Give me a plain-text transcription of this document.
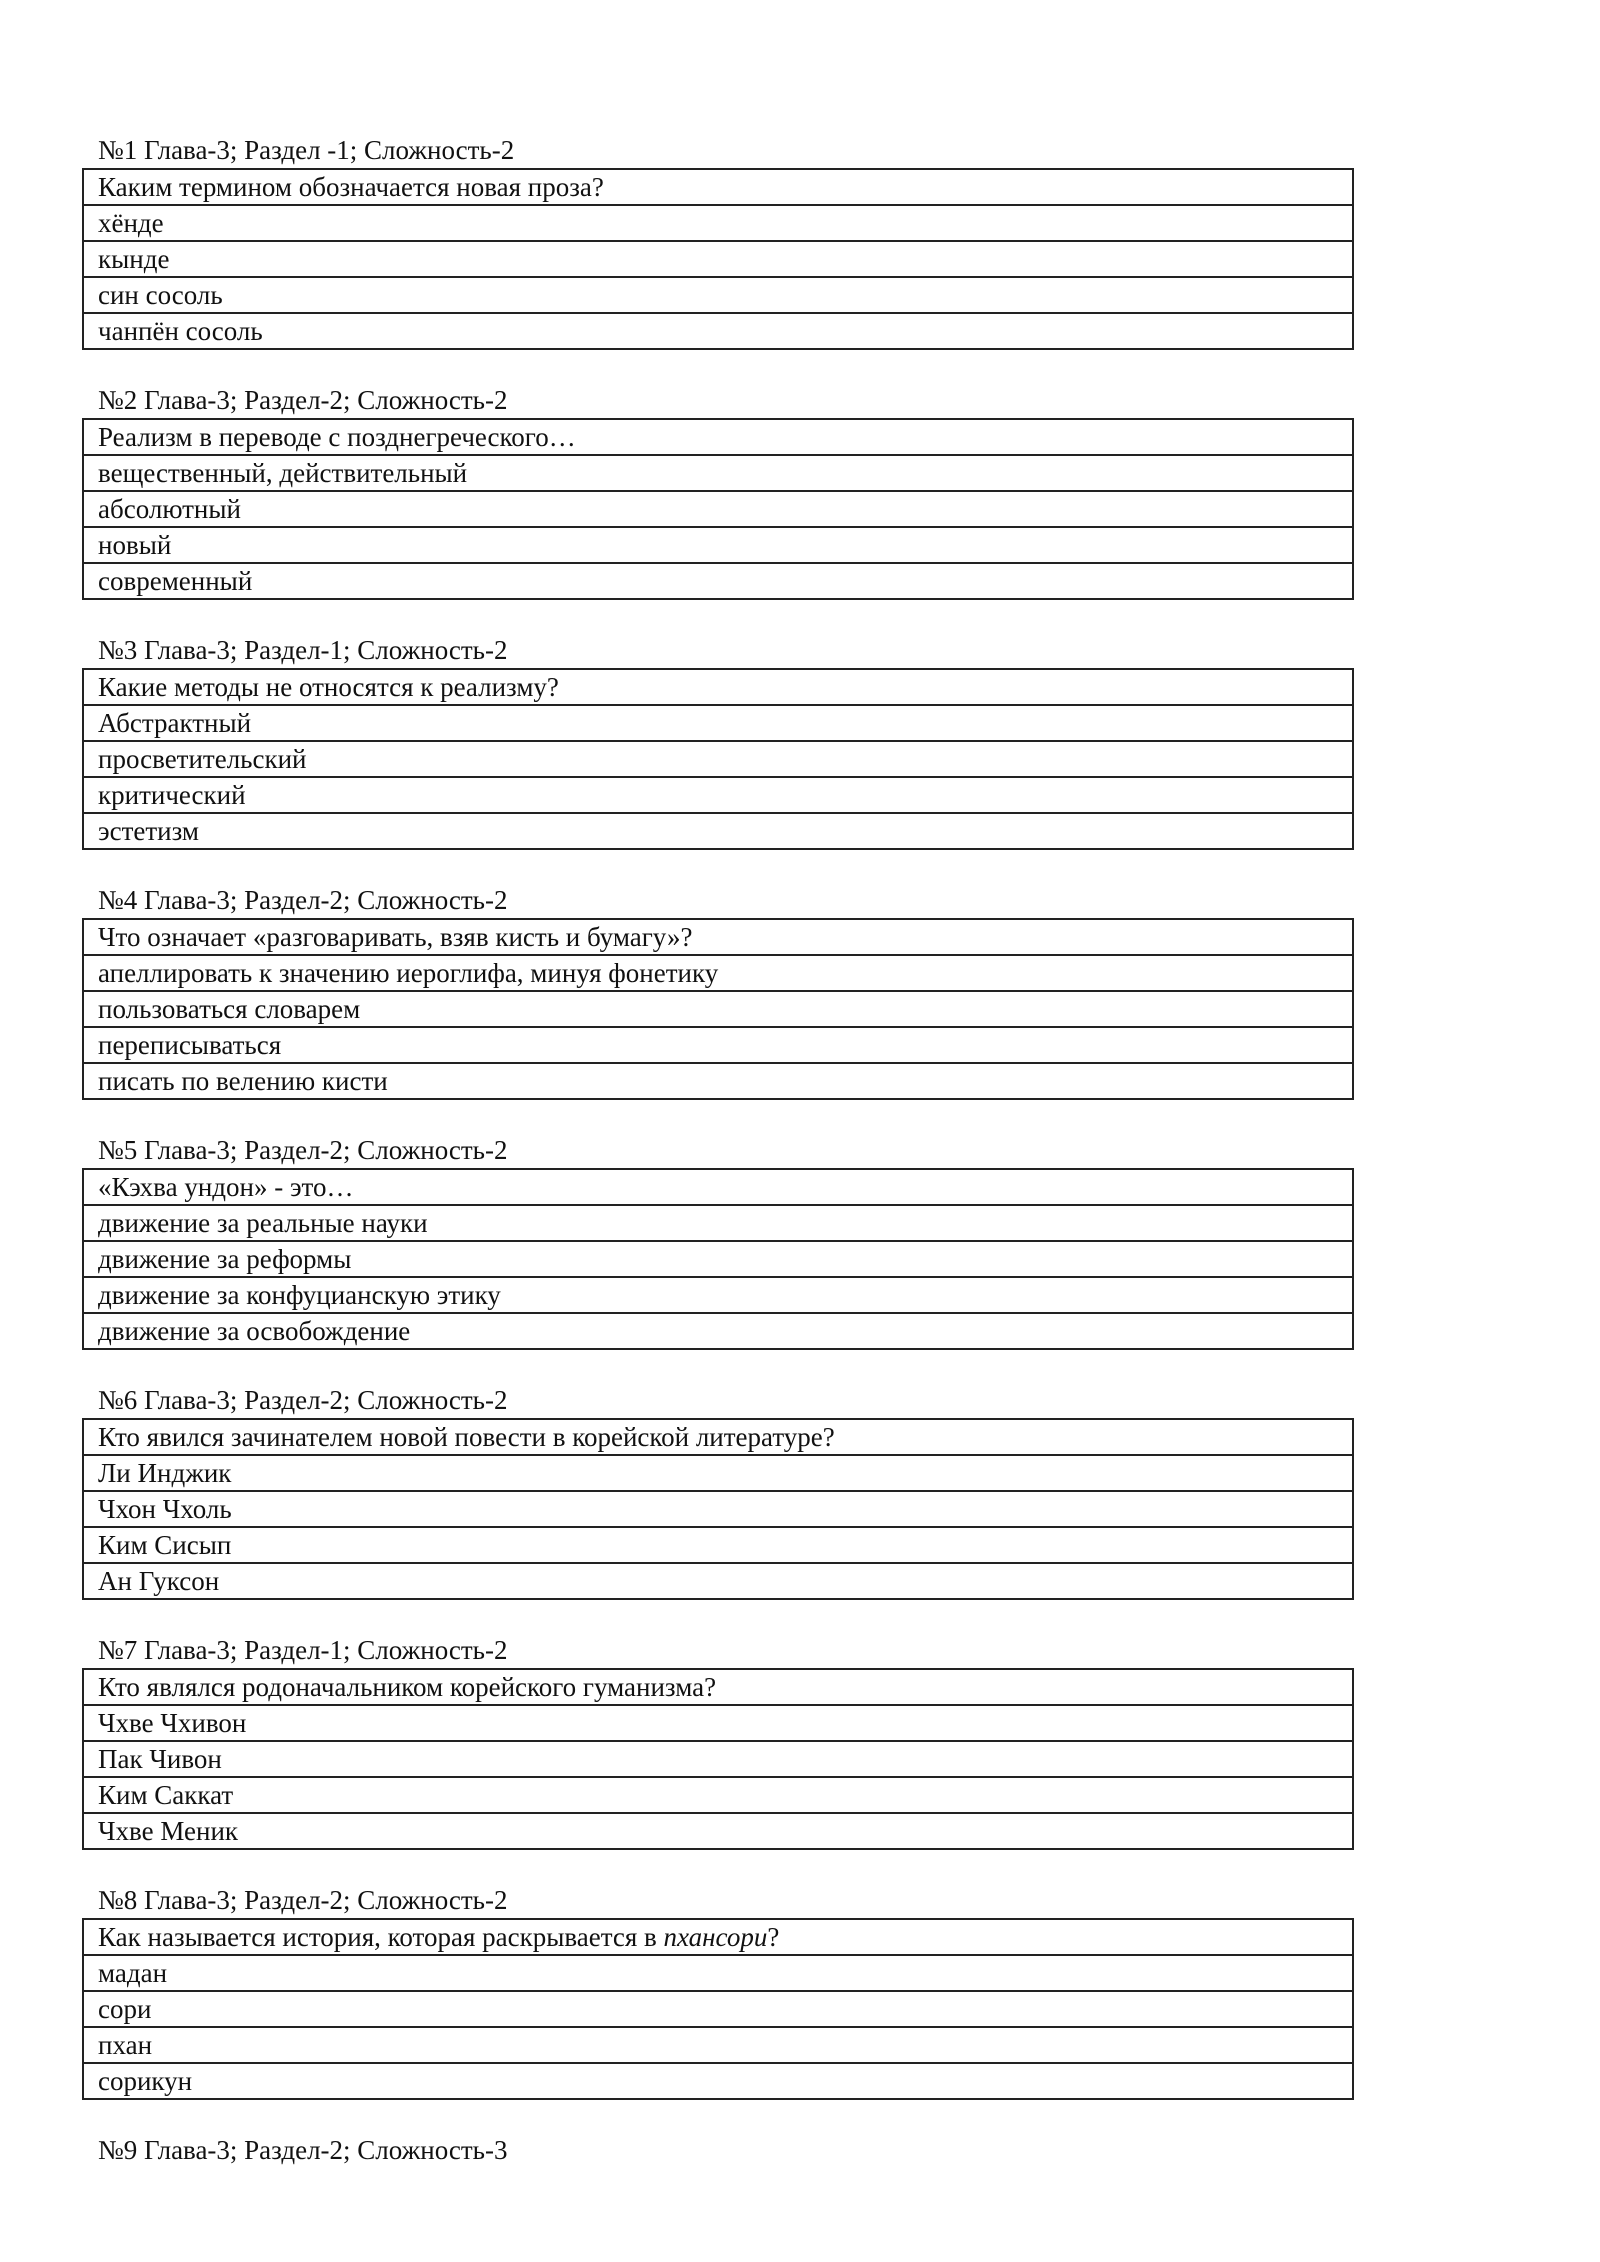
№1 Глава-3; Раздел -1; Сложность-2
Каким термином обозначается новая проза?
хёнде
кынде
син сосоль
чанпён сосоль
№2 Глава-3; Раздел-2; Сложность-2
Реализм в переводе с позднегреческого…
вещественный, действительный
абсолютный
новый
современный
№3 Глава-3; Раздел-1; Сложность-2
Какие методы не относятся к реализму?
Абстрактный
просветительский
критический
эстетизм
№4 Глава-3; Раздел-2; Сложность-2
Что означает «разговаривать, взяв кисть и бумагу»?
апеллировать к значению иероглифа, минуя фонетику
пользоваться словарем
переписываться
писать по велению кисти
№5 Глава-3; Раздел-2; Сложность-2
«Кэхва ундон» - это…
движение за реальные науки
движение за реформы
движение за конфуцианскую этику
движение за освобождение
№6 Глава-3; Раздел-2; Сложность-2
Кто явился зачинателем новой повести в корейской литературе?
Ли Инджик
Чхон Чхоль
Ким Сисып
Ан Гуксон
№7 Глава-3; Раздел-1; Сложность-2
Кто являлся родоначальником корейского гуманизма?
Чхве Чхивон
Пак Чивон
Ким Саккат
Чхве Меник
№8 Глава-3; Раздел-2; Сложность-2
Как называется история, которая раскрывается в пхансори?
мадан
сори
пхан
сорикун
№9 Глава-3; Раздел-2; Сложность-3
